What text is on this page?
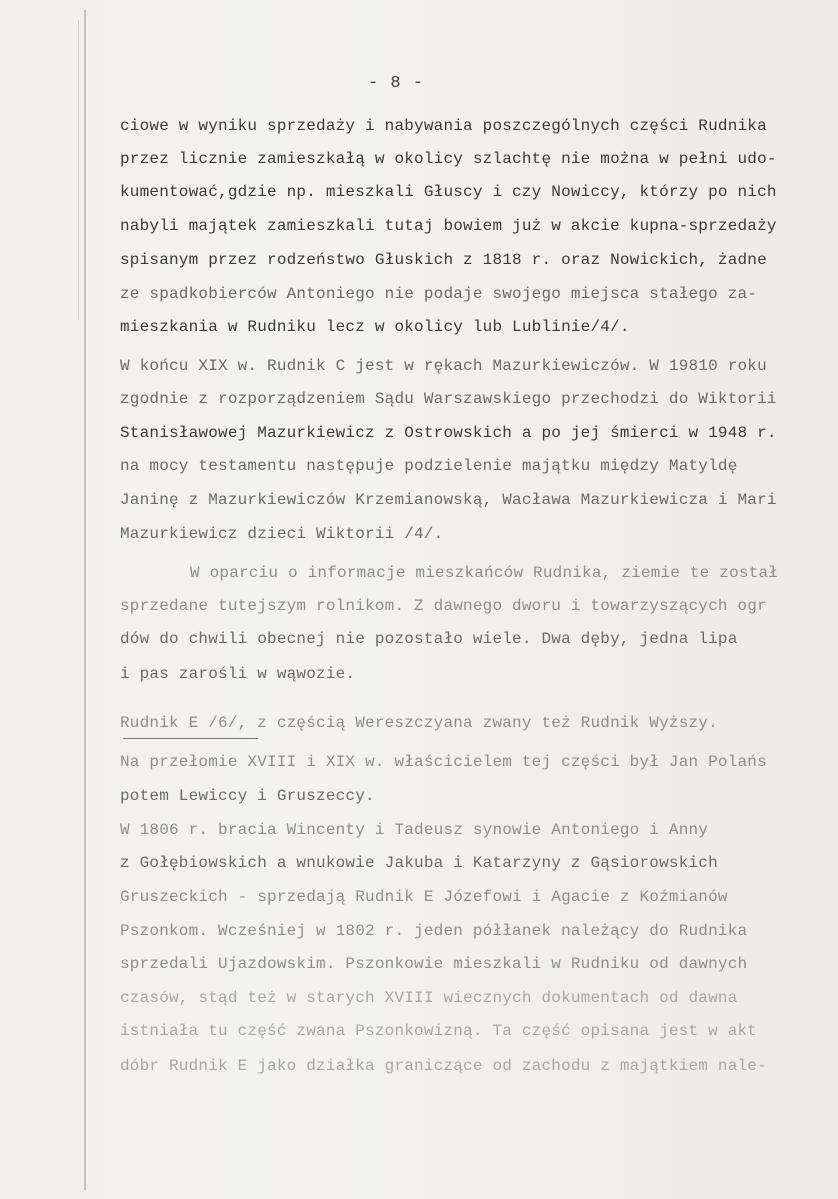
- 8 -
ciowe w wyniku sprzedaży i nabywania poszczególnych części Rudnika
przez licznie zamieszkałą w okolicy szlachtę nie można w pełni udo-
kumentować,gdzie np. mieszkali Głuscy i czy Nowiccy, którzy po nich
nabyli majątek zamieszkali tutaj bowiem już w akcie kupna-sprzedaży
spisanym przez rodzeństwo Głuskich z 1818 r. oraz Nowickich, żadne
ze spadkobierców Antoniego nie podaje swojego miejsca stałego za-
mieszkania w Rudniku lecz w okolicy lub Lublinie/4/.
W końcu XIX w. Rudnik C jest w rękach Mazurkiewiczów. W 19810 roku
zgodnie z rozporządzeniem Sądu Warszawskiego przechodzi do Wiktorii
Stanisławowej Mazurkiewicz z Ostrowskich a po jej śmierci w 1948 r.
na mocy testamentu następuje podzielenie majątku między Matyldę
Janinę z Mazurkiewiczów Krzemianowską, Wacława Mazurkiewicza i Mari
Mazurkiewicz dzieci Wiktorii /4/.
W oparciu o informacje mieszkańców Rudnika, ziemie te został
sprzedane tutejszym rolnikom. Z dawnego dworu i towarzyszących ogr
dów do chwili obecnej nie pozostało wiele. Dwa dęby, jedna lipa
i pas zarośli w wąwozie.
Rudnik E /6/, z częścią Wereszczyana zwany też Rudnik Wyższy.
Na przełomie XVIII i XIX w. właścicielem tej części był Jan Polańs
potem Lewiccy i Gruszeccy.
W 1806 r. bracia Wincenty i Tadeusz synowie Antoniego i Anny
z Gołębiowskich a wnukowie Jakuba i Katarzyny z Gąsiorowskich
Gruszeckich - sprzedają Rudnik E Józefowi i Agacie z Koźmianów
Pszonkom. Wcześniej w 1802 r. jeden półłanek należący do Rudnika
sprzedali Ujazdowskim. Pszonkowie mieszkali w Rudniku od dawnych
czasów, stąd też w starych XVIII wiecznych dokumentach od dawna
istniała tu część zwana Pszonkowizną. Ta część opisana jest w akt
dóbr Rudnik E jako działka graniczące od zachodu z majątkiem nale-
